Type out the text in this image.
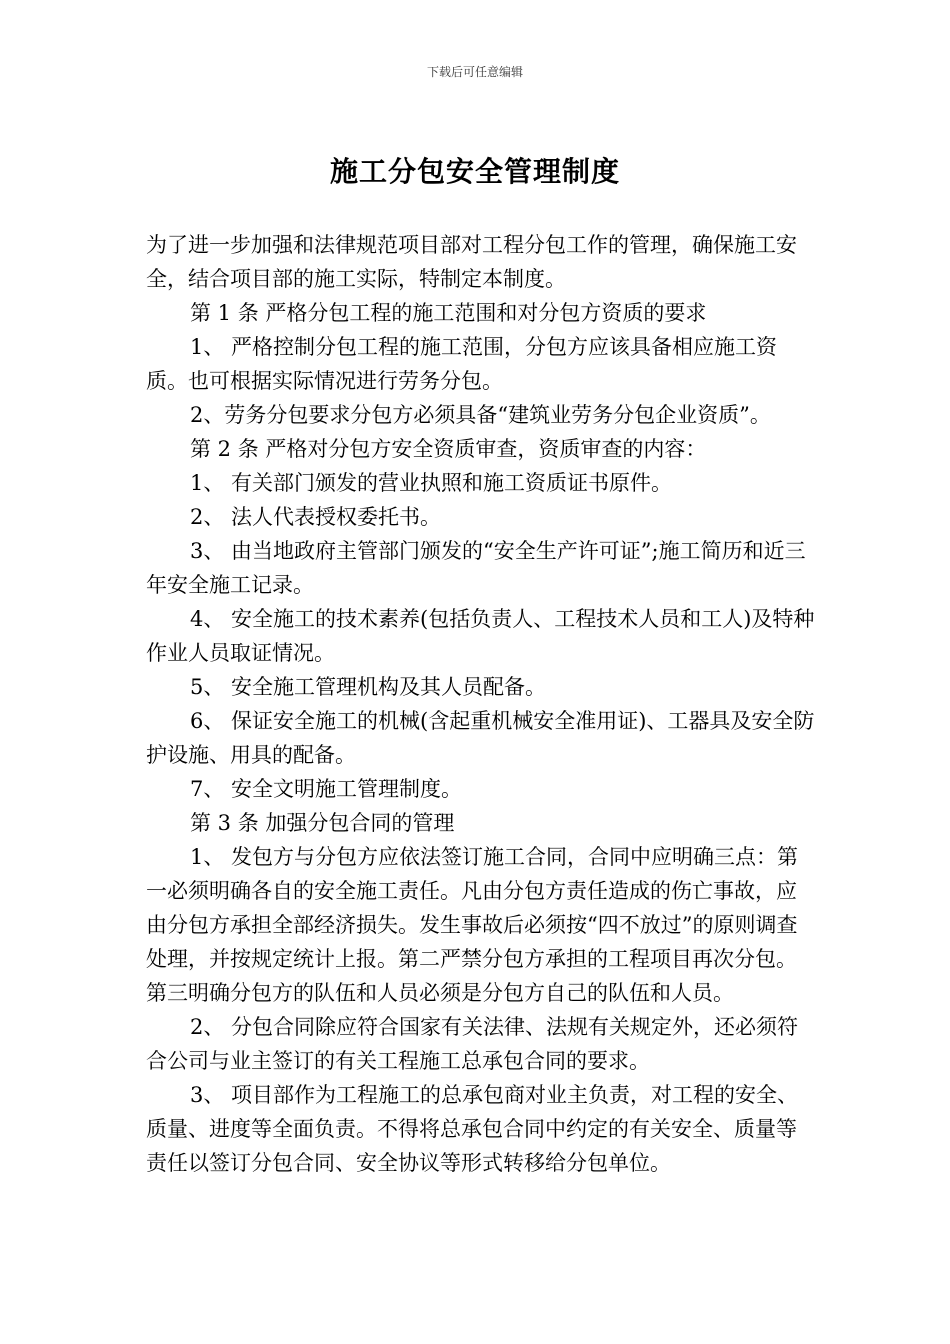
下载后可任意编辑
施工分包安全管理制度

为了进一步加强和法律规范项目部对工程分包工作的管理，确保施工安全，结合项目部的施工实际，特制定本制度。

第 1 条 严格分包工程的施工范围和对分包方资质的要求

1、 严格控制分包工程的施工范围，分包方应该具备相应施工资质。也可根据实际情况进行劳务分包。

2、劳务分包要求分包方必须具备“建筑业劳务分包企业资质”。

第 2 条 严格对分包方安全资质审查，资质审查的内容：

1、 有关部门颁发的营业执照和施工资质证书原件。

2、 法人代表授权委托书。

3、 由当地政府主管部门颁发的“安全生产许可证”;施工简历和近三年安全施工记录。

4、 安全施工的技术素养(包括负责人、工程技术人员和工人)及特种作业人员取证情况。

5、 安全施工管理机构及其人员配备。

6、 保证安全施工的机械(含起重机械安全准用证)、工器具及安全防护设施、用具的配备。

7、 安全文明施工管理制度。

第 3 条 加强分包合同的管理

1、 发包方与分包方应依法签订施工合同，合同中应明确三点：第一必须明确各自的安全施工责任。凡由分包方责任造成的伤亡事故，应由分包方承担全部经济损失。发生事故后必须按“四不放过”的原则调查处理，并按规定统计上报。第二严禁分包方承担的工程项目再次分包。第三明确分包方的队伍和人员必须是分包方自己的队伍和人员。

2、 分包合同除应符合国家有关法律、法规有关规定外，还必须符合公司与业主签订的有关工程施工总承包合同的要求。

3、 项目部作为工程施工的总承包商对业主负责，对工程的安全、质量、进度等全面负责。不得将总承包合同中约定的有关安全、质量等责任以签订分包合同、安全协议等形式转移给分包单位。
